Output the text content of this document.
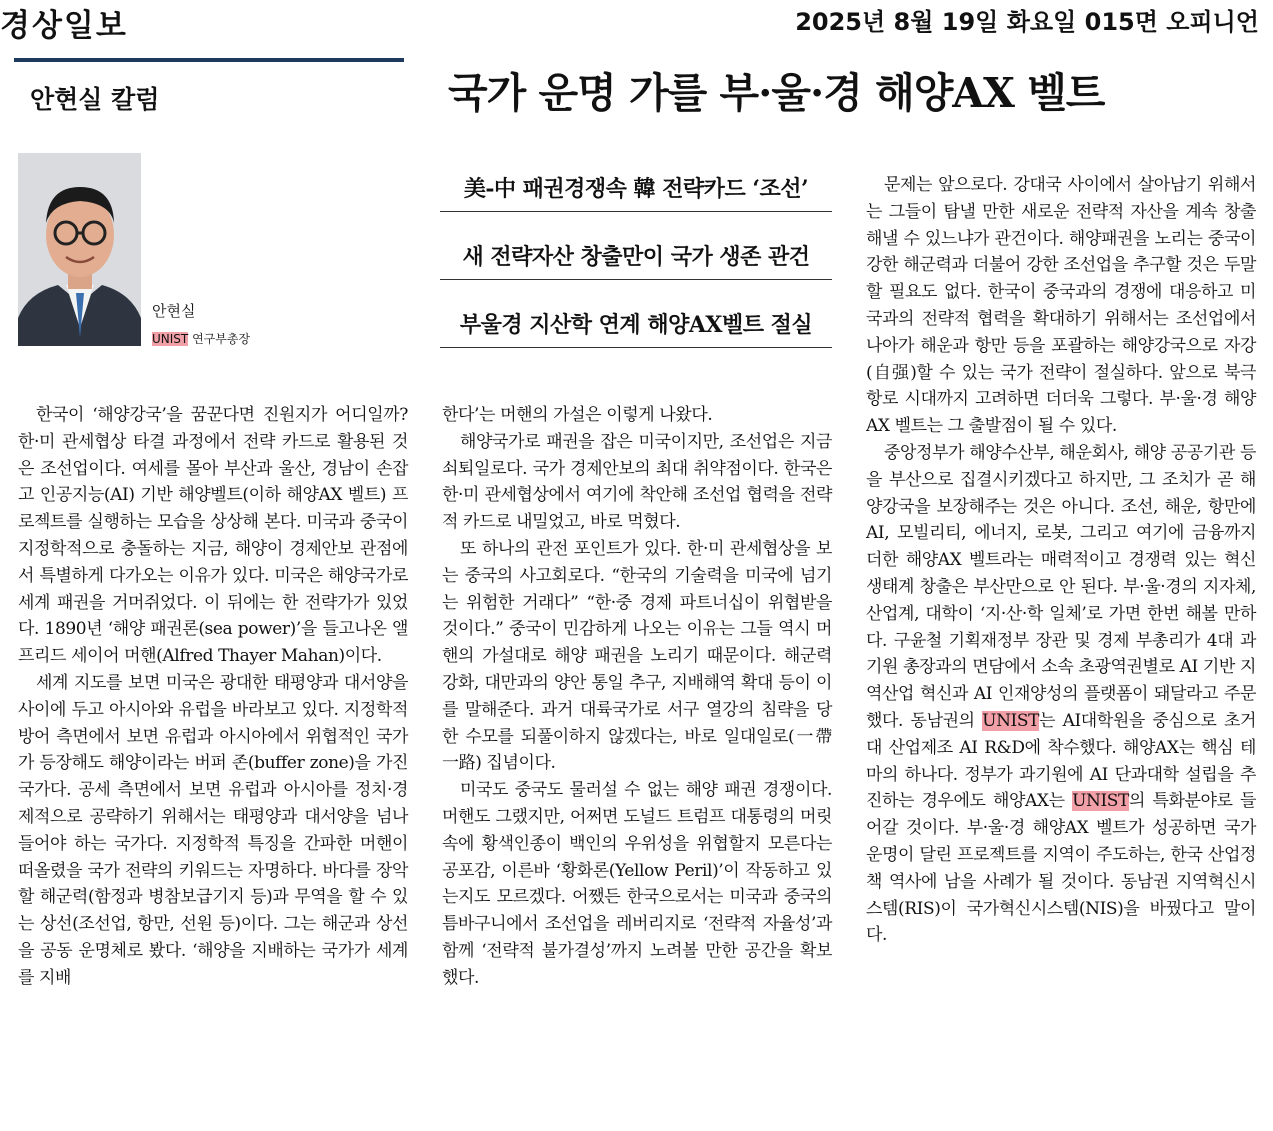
경상일보	2025년 8월 19일 화요일 015면 오피니언
안현실 칼럼	국가 운명 가를 부·울·경 해양AX 벨트
안현실
UNIST 연구부총장
美-中 패권경쟁속 韓 전략카드 ‘조선’
새 전략자산 창출만이 국가 생존 관건
부울경 지산학 연계 해양AX벨트 절실

한국이 ‘해양강국’을 꿈꾼다면 진원지가 어디일까? 한·미 관세협상 타결 과정에서 전략 카드로 활용된 것은 조선업이다. 여세를 몰아 부산과 울산, 경남이 손잡고 인공지능(AI) 기반 해양벨트(이하 해양AX 벨트) 프로젝트를 실행하는 모습을 상상해 본다. 미국과 중국이 지정학적으로 충돌하는 지금, 해양이 경제안보 관점에서 특별하게 다가오는 이유가 있다. 미국은 해양국가로 세계 패권을 거머쥐었다. 이 뒤에는 한 전략가가 있었다. 1890년 ‘해양 패권론(sea power)’을 들고나온 앨프리드 세이어 머핸(Alfred Thayer Mahan)이다.

세계 지도를 보면 미국은 광대한 태평양과 대서양을 사이에 두고 아시아와 유럽을 바라보고 있다. 지정학적 방어 측면에서 보면 유럽과 아시아에서 위협적인 국가가 등장해도 해양이라는 버퍼 존(buffer zone)을 가진 국가다. 공세 측면에서 보면 유럽과 아시아를 정치·경제적으로 공략하기 위해서는 태평양과 대서양을 넘나들어야 하는 국가다. 지정학적 특징을 간파한 머핸이 떠올렸을 국가 전략의 키워드는 자명하다. 바다를 장악할 해군력(함정과 병참보급기지 등)과 무역을 할 수 있는 상선(조선업, 항만, 선원 등)이다. 그는 해군과 상선을 공동 운명체로 봤다. ‘해양을 지배하는 국가가 세계를 지배

한다’는 머핸의 가설은 이렇게 나왔다.

해양국가로 패권을 잡은 미국이지만, 조선업은 지금 쇠퇴일로다. 국가 경제안보의 최대 취약점이다. 한국은 한·미 관세협상에서 여기에 착안해 조선업 협력을 전략적 카드로 내밀었고, 바로 먹혔다.

또 하나의 관전 포인트가 있다. 한·미 관세협상을 보는 중국의 사고회로다. “한국의 기술력을 미국에 넘기는 위험한 거래다” “한·중 경제 파트너십이 위협받을 것이다.” 중국이 민감하게 나오는 이유는 그들 역시 머핸의 가설대로 해양 패권을 노리기 때문이다. 해군력 강화, 대만과의 양안 통일 추구, 지배해역 확대 등이 이를 말해준다. 과거 대륙국가로 서구 열강의 침략을 당한 수모를 되풀이하지 않겠다는, 바로 일대일로(一帶一路) 집념이다.

미국도 중국도 물러설 수 없는 해양 패권 경쟁이다. 머핸도 그랬지만, 어쩌면 도널드 트럼프 대통령의 머릿속에 황색인종이 백인의 우위성을 위협할지 모른다는 공포감, 이른바 ‘황화론(Yellow Peril)’이 작동하고 있는지도 모르겠다. 어쨌든 한국으로서는 미국과 중국의 틈바구니에서 조선업을 레버리지로 ‘전략적 자율성’과 함께 ‘전략적 불가결성’까지 노려볼 만한 공간을 확보했다.

문제는 앞으로다. 강대국 사이에서 살아남기 위해서는 그들이 탐낼 만한 새로운 전략적 자산을 계속 창출해낼 수 있느냐가 관건이다. 해양패권을 노리는 중국이 강한 해군력과 더불어 강한 조선업을 추구할 것은 두말할 필요도 없다. 한국이 중국과의 경쟁에 대응하고 미국과의 전략적 협력을 확대하기 위해서는 조선업에서 나아가 해운과 항만 등을 포괄하는 해양강국으로 자강(自强)할 수 있는 국가 전략이 절실하다. 앞으로 북극항로 시대까지 고려하면 더더욱 그렇다. 부·울·경 해양AX 벨트는 그 출발점이 될 수 있다.

중앙정부가 해양수산부, 해운회사, 해양 공공기관 등을 부산으로 집결시키겠다고 하지만, 그 조치가 곧 해양강국을 보장해주는 것은 아니다. 조선, 해운, 항만에 AI, 모빌리티, 에너지, 로봇, 그리고 여기에 금융까지 더한 해양AX 벨트라는 매력적이고 경쟁력 있는 혁신생태계 창출은 부산만으로 안 된다. 부·울·경의 지자체, 산업계, 대학이 ‘지·산·학 일체’로 가면 한번 해볼 만하다. 구윤철 기획재정부 장관 및 경제 부총리가 4대 과기원 총장과의 면담에서 소속 초광역권별로 AI 기반 지역산업 혁신과 AI 인재양성의 플랫폼이 돼달라고 주문했다. 동남권의 UNIST는 AI대학원을 중심으로 초거대 산업제조 AI R&D에 착수했다. 해양AX는 핵심 테마의 하나다. 정부가 과기원에 AI 단과대학 설립을 추진하는 경우에도 해양AX는 UNIST의 특화분야로 들어갈 것이다. 부·울·경 해양AX 벨트가 성공하면 국가 운명이 달린 프로젝트를 지역이 주도하는, 한국 산업정책 역사에 남을 사례가 될 것이다. 동남권 지역혁신시스템(RIS)이 국가혁신시스템(NIS)을 바꿨다고 말이다.
